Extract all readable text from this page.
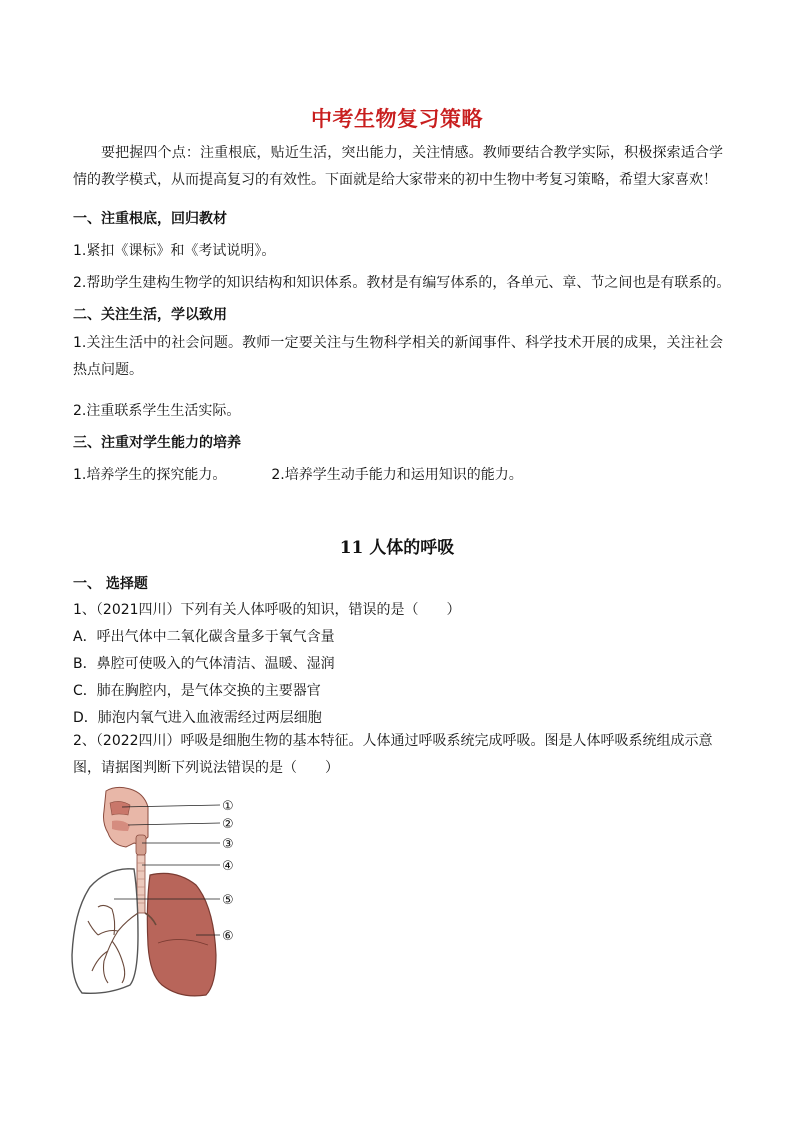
中考生物复习策略
要把握四个点：注重根底，贴近生活，突出能力，关注情感。教师要结合教学实际，积极探索适合学情的教学模式，从而提高复习的有效性。下面就是给大家带来的初中生物中考复习策略，希望大家喜欢！
一、注重根底，回归教材
1.紧扣《课标》和《考试说明》。
2.帮助学生建构生物学的知识结构和知识体系。教材是有编写体系的，各单元、章、节之间也是有联系的。
二、关注生活，学以致用
1.关注生活中的社会问题。教师一定要关注与生物科学相关的新闻事件、科学技术开展的成果，关注社会热点问题。
2.注重联系学生生活实际。
三、注重对学生能力的培养
1.培养学生的探究能力。	2.培养学生动手能力和运用知识的能力。
11 人体的呼吸
一、 选择题
1、（2021四川）下列有关人体呼吸的知识，错误的是（　　）
A．呼出气体中二氧化碳含量多于氧气含量
B．鼻腔可使吸入的气体清洁、温暖、湿润
C．肺在胸腔内，是气体交换的主要器官
D．肺泡内氧气进入血液需经过两层细胞
2、（2022四川）呼吸是细胞生物的基本特征。人体通过呼吸系统完成呼吸。图是人体呼吸系统组成示意图，请据图判断下列说法错误的是（　　）
①
②
③
④
⑤
⑥
